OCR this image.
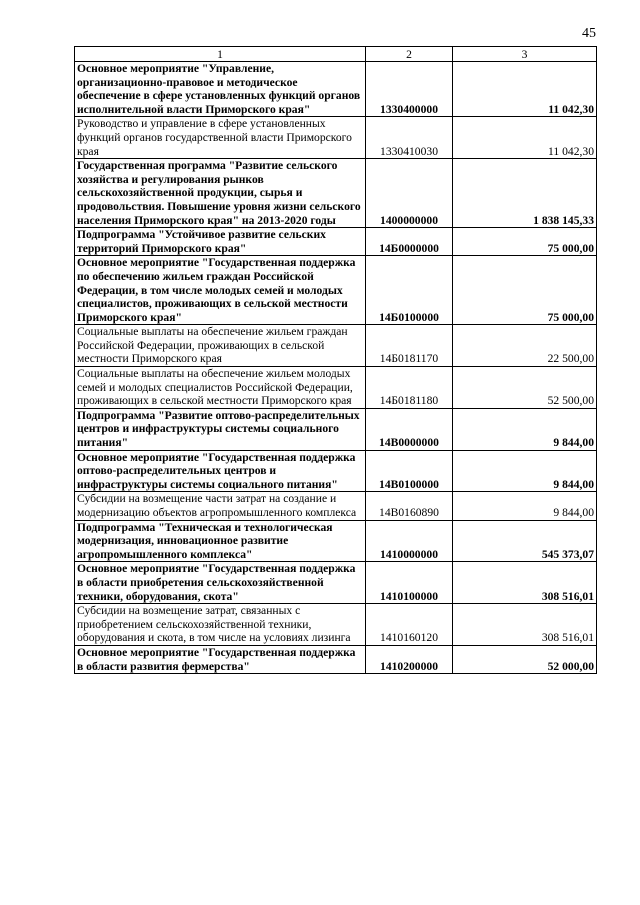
45
1	2	3
Основное мероприятие "Управление, организационно-правовое и методическое обеспечение в сфере установленных функций органов исполнительной власти Приморского края"	1330400000	11 042,30
Руководство и управление в сфере установленных функций органов государственной власти Приморского края	1330410030	11 042,30
Государственная программа "Развитие сельского хозяйства и регулирования рынков сельскохозяйственной продукции, сырья и продовольствия. Повышение уровня жизни сельского населения Приморского края" на 2013-2020 годы	1400000000	1 838 145,33
Подпрограмма "Устойчивое развитие сельских территорий Приморского края"	14Б0000000	75 000,00
Основное мероприятие "Государственная поддержка по обеспечению жильем граждан Российской Федерации, в том числе молодых семей и молодых специалистов, проживающих в сельской местности Приморского края"	14Б0100000	75 000,00
Социальные выплаты на обеспечение жильем граждан Российской Федерации, проживающих в сельской местности Приморского края	14Б0181170	22 500,00
Социальные выплаты на обеспечение жильем молодых семей и молодых специалистов Российской Федерации, проживающих в сельской местности Приморского края	14Б0181180	52 500,00
Подпрограмма "Развитие оптово-распределительных центров и инфраструктуры системы социального питания"	14В0000000	9 844,00
Основное мероприятие "Государственная поддержка оптово-распределительных центров и инфраструктуры системы социального питания"	14В0100000	9 844,00
Субсидии на возмещение части затрат на создание и модернизацию объектов агропромышленного комплекса	14В0160890	9 844,00
Подпрограмма "Техническая и технологическая модернизация, инновационное развитие агропромышленного комплекса"	1410000000	545 373,07
Основное мероприятие "Государственная поддержка в области приобретения сельскохозяйственной техники, оборудования, скота"	1410100000	308 516,01
Субсидии на возмещение затрат, связанных с приобретением сельскохозяйственной техники, оборудования и скота, в том числе на условиях лизинга	1410160120	308 516,01
Основное мероприятие "Государственная поддержка в области развития фермерства"	1410200000	52 000,00
